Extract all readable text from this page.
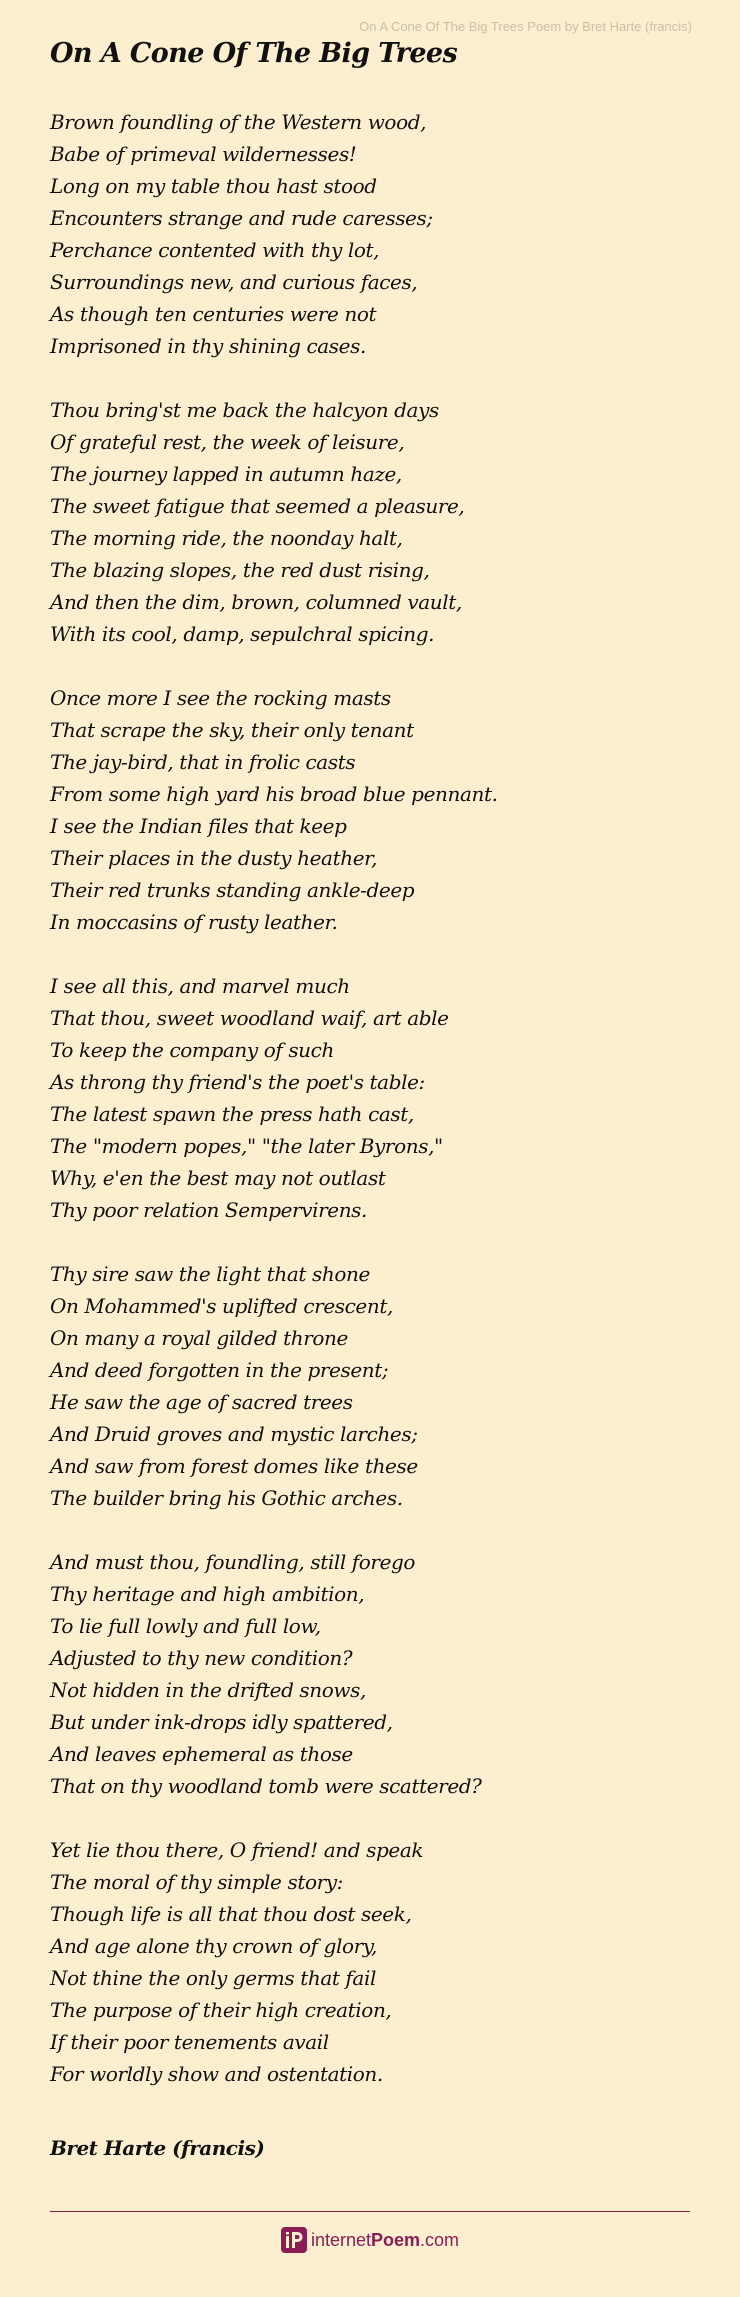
On A Cone Of The Big Trees Poem by Bret Harte (francis)
On A Cone Of The Big Trees
Brown foundling of the Western wood,
Babe of primeval wildernesses!
Long on my table thou hast stood
Encounters strange and rude caresses;
Perchance contented with thy lot,
Surroundings new, and curious faces,
As though ten centuries were not
Imprisoned in thy shining cases.
Thou bring'st me back the halcyon days
Of grateful rest, the week of leisure,
The journey lapped in autumn haze,
The sweet fatigue that seemed a pleasure,
The morning ride, the noonday halt,
The blazing slopes, the red dust rising,
And then the dim, brown, columned vault,
With its cool, damp, sepulchral spicing.
Once more I see the rocking masts
That scrape the sky, their only tenant
The jay-bird, that in frolic casts
From some high yard his broad blue pennant.
I see the Indian files that keep
Their places in the dusty heather,
Their red trunks standing ankle-deep
In moccasins of rusty leather.
I see all this, and marvel much
That thou, sweet woodland waif, art able
To keep the company of such
As throng thy friend's the poet's table:
The latest spawn the press hath cast,
The "modern popes," "the later Byrons,"
Why, e'en the best may not outlast
Thy poor relation Sempervirens.
Thy sire saw the light that shone
On Mohammed's uplifted crescent,
On many a royal gilded throne
And deed forgotten in the present;
He saw the age of sacred trees
And Druid groves and mystic larches;
And saw from forest domes like these
The builder bring his Gothic arches.
And must thou, foundling, still forego
Thy heritage and high ambition,
To lie full lowly and full low,
Adjusted to thy new condition?
Not hidden in the drifted snows,
But under ink-drops idly spattered,
And leaves ephemeral as those
That on thy woodland tomb were scattered?
Yet lie thou there, O friend! and speak
The moral of thy simple story:
Though life is all that thou dost seek,
And age alone thy crown of glory,
Not thine the only germs that fail
The purpose of their high creation,
If their poor tenements avail
For worldly show and ostentation.
Bret Harte (francis)
internetPoem.com
